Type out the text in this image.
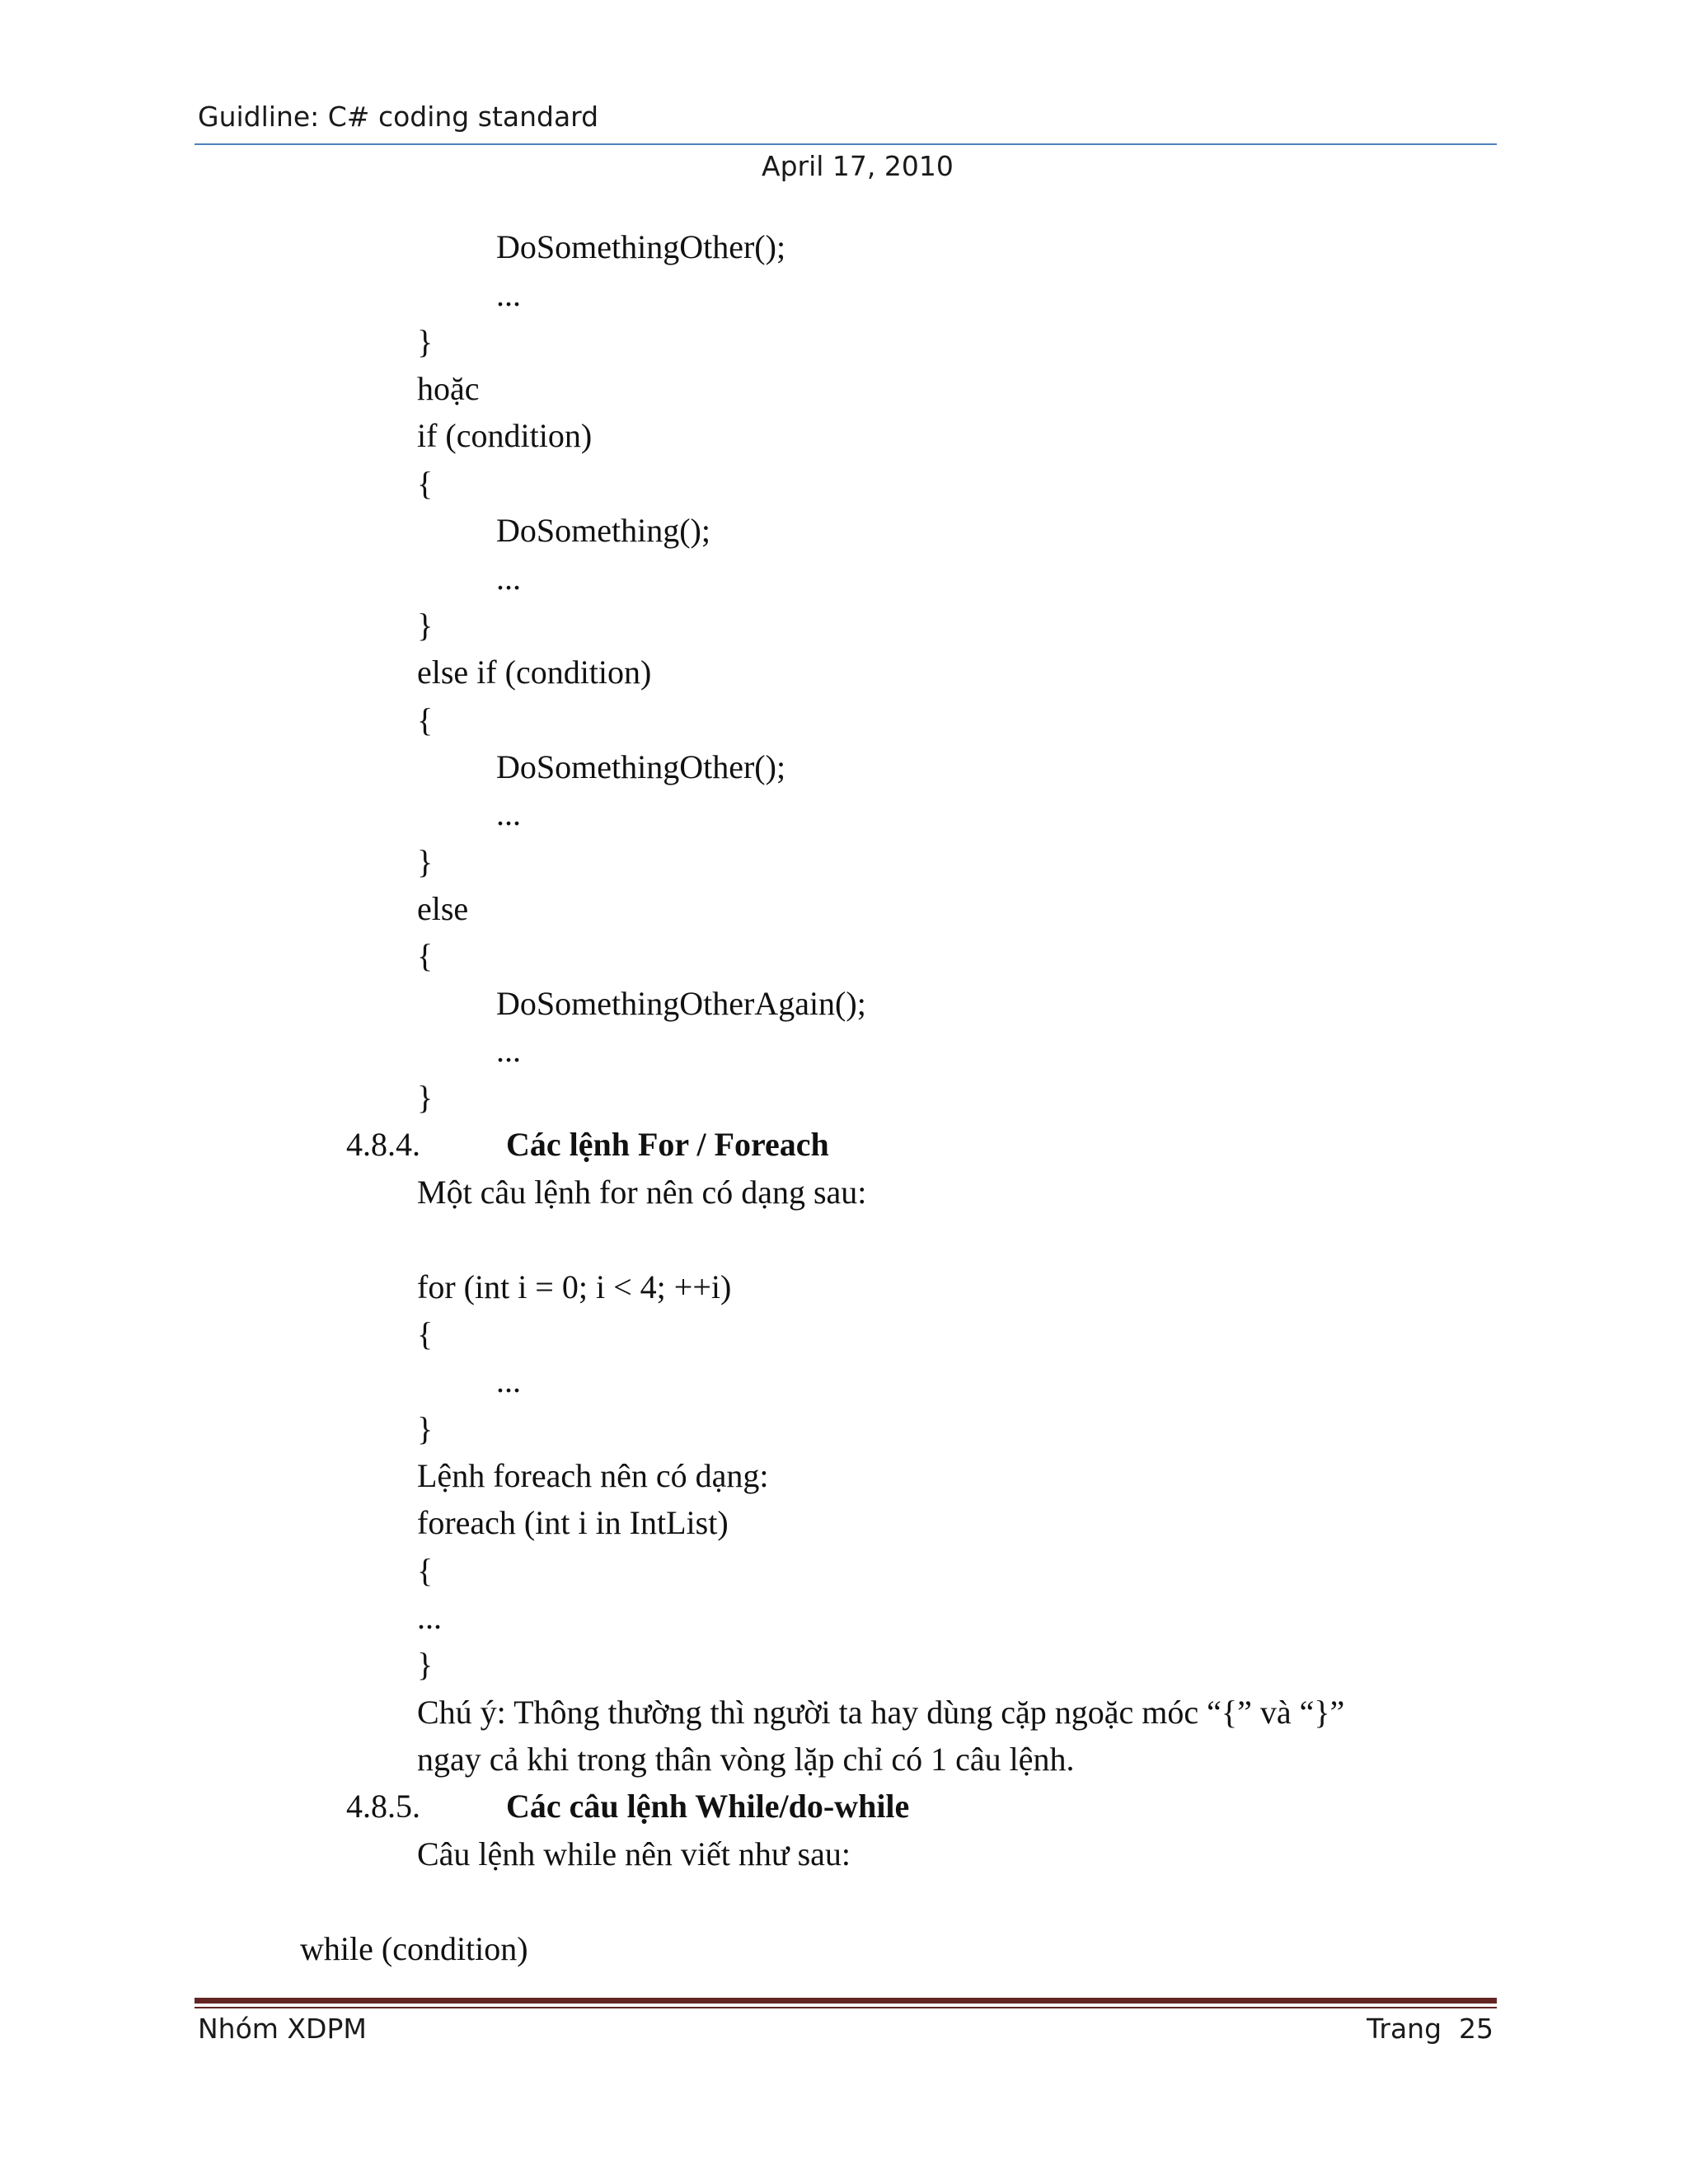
Guidline: C# coding standard
April 17, 2010
DoSomethingOther();
...
}
hoặc
if (condition)
{
DoSomething();
...
}
else if (condition)
{
DoSomethingOther();
...
}
else
{
DoSomethingOtherAgain();
...
}
4.8.4.	Các lệnh For / Foreach
Một câu lệnh for nên có dạng sau:
for (int i = 0; i < 4; ++i)
{
...
}
Lệnh foreach nên có dạng:
foreach (int i in IntList)
{
...
}
Chú ý: Thông thường thì người ta hay dùng cặp ngoặc móc “{” và “}”
ngay cả khi trong thân vòng lặp chỉ có 1 câu lệnh.
4.8.5.	Các câu lệnh While/do-while
Câu lệnh while nên viết như sau:
while (condition)
Nhóm XDPM	Trang  25
